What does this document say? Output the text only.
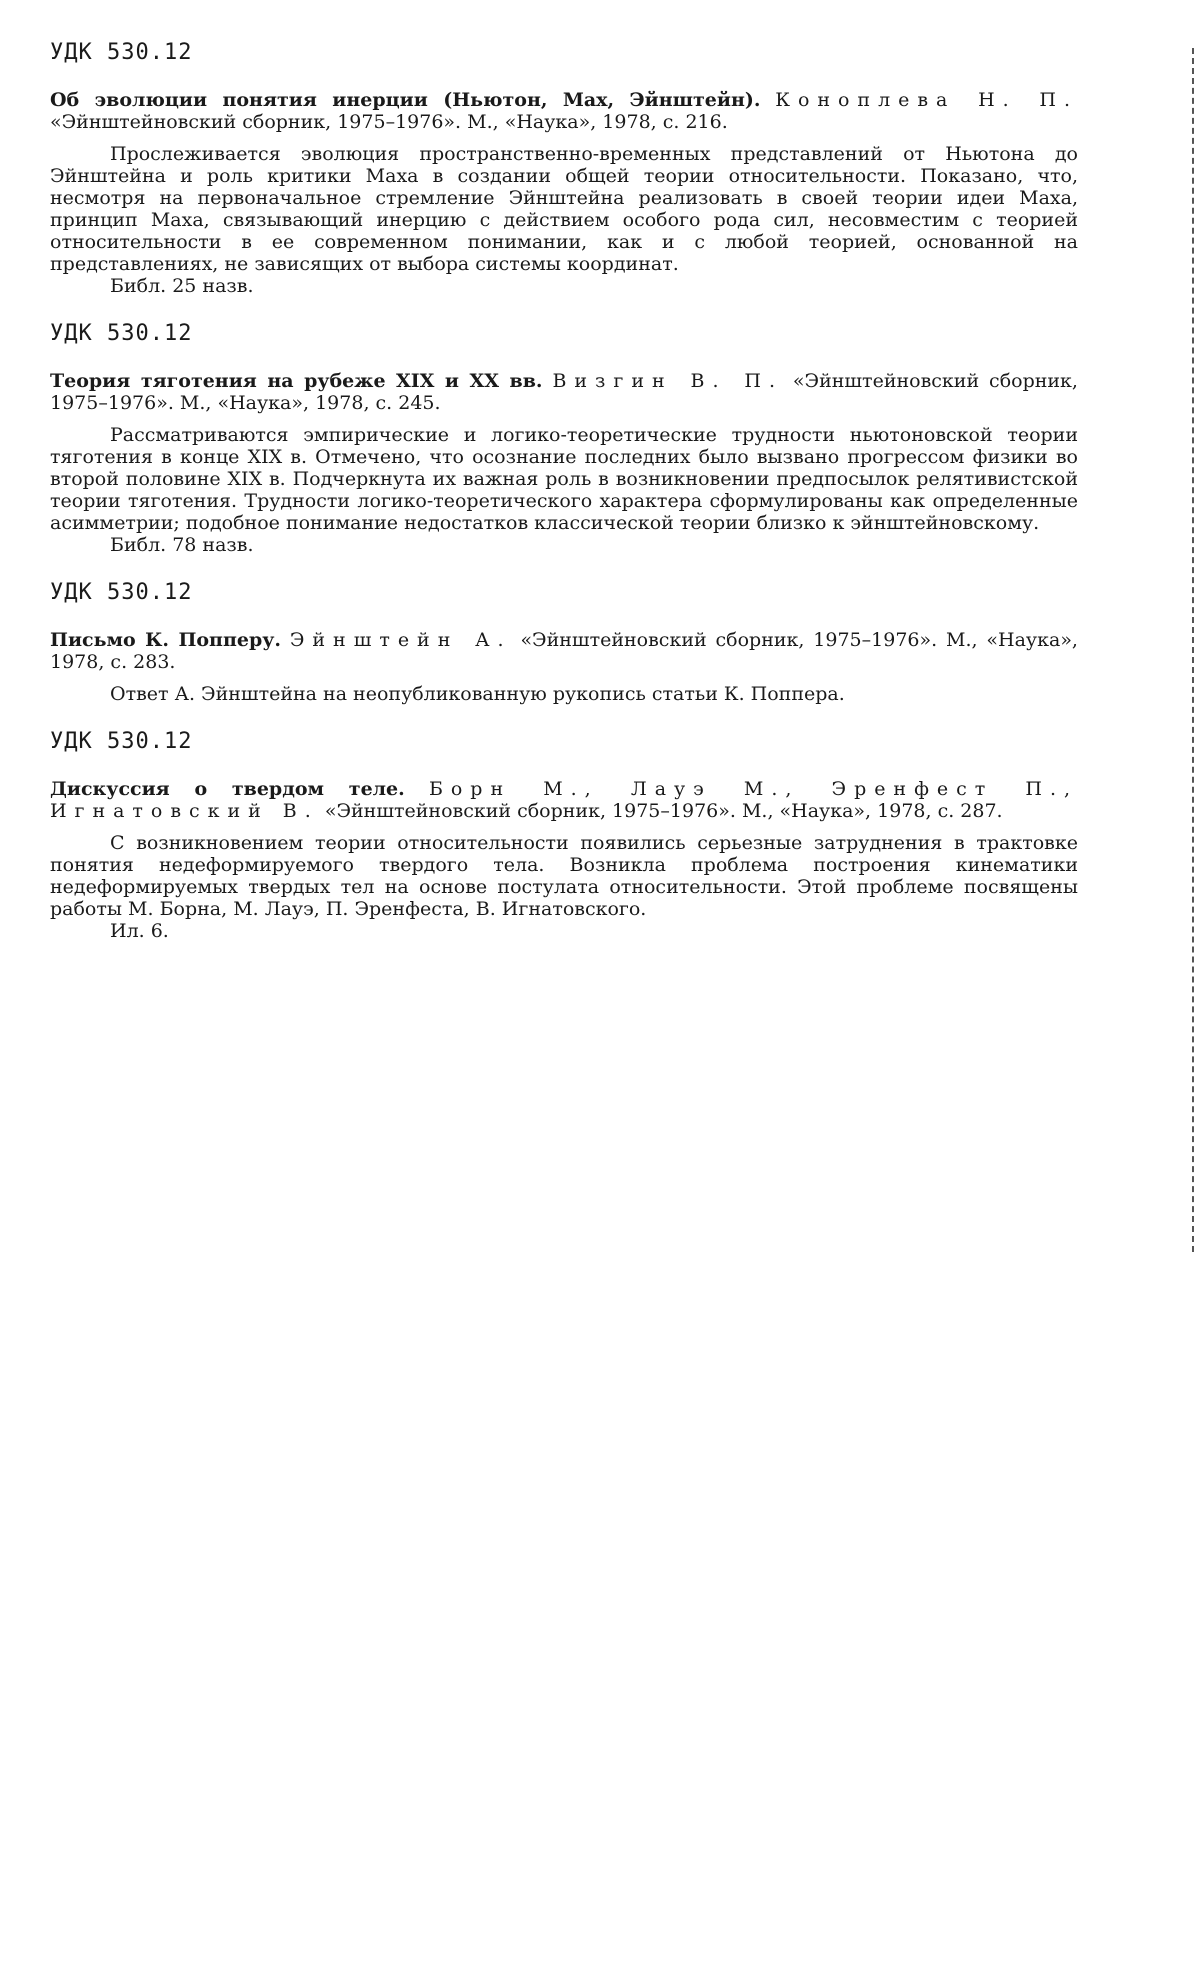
УДК 530.12

Об эволюции понятия инерции (Ньютон, Мах, Эйнштейн). Коноплева Н. П. «Эйнштейновский сборник, 1975–1976». М., «Наука», 1978, с. 216.

Прослеживается эволюция пространственно-временных представлений от Ньютона до Эйнштейна и роль критики Маха в создании общей теории относительности. Показано, что, несмотря на первоначальное стремление Эйнштейна реализовать в своей теории идеи Маха, принцип Маха, связывающий инерцию с действием особого рода сил, несовместим с теорией относительности в ее современном понимании, как и с любой теорией, основанной на представлениях, не зависящих от выбора системы координат.

Библ. 25 назв.

УДК 530.12

Теория тяготения на рубеже XIX и XX вв. Визгин В. П. «Эйнштейновский сборник, 1975–1976». М., «Наука», 1978, с. 245.

Рассматриваются эмпирические и логико-теоретические трудности ньютоновской теории тяготения в конце XIX в. Отмечено, что осознание последних было вызвано прогрессом физики во второй половине XIX в. Подчеркнута их важная роль в возникновении предпосылок релятивистской теории тяготения. Трудности логико-теоретического характера сформулированы как определенные асимметрии; подобное понимание недостатков классической теории близко к эйнштейновскому.

Библ. 78 назв.

УДК 530.12

Письмо К. Попперу. Эйнштейн А. «Эйнштейновский сборник, 1975–1976». М., «Наука», 1978, с. 283.

Ответ А. Эйнштейна на неопубликованную рукопись статьи К. Поппера.

УДК 530.12

Дискуссия о твердом теле. Борн М., Лауэ М., Эренфест П., Игнатовский В. «Эйнштейновский сборник, 1975–1976». М., «Наука», 1978, с. 287.

С возникновением теории относительности появились серьезные затруднения в трактовке понятия недеформируемого твердого тела. Возникла проблема построения кинематики недеформируемых твердых тел на основе постулата относительности. Этой проблеме посвящены работы М. Борна, М. Лауэ, П. Эренфеста, В. Игнатовского.

Ил. 6.
